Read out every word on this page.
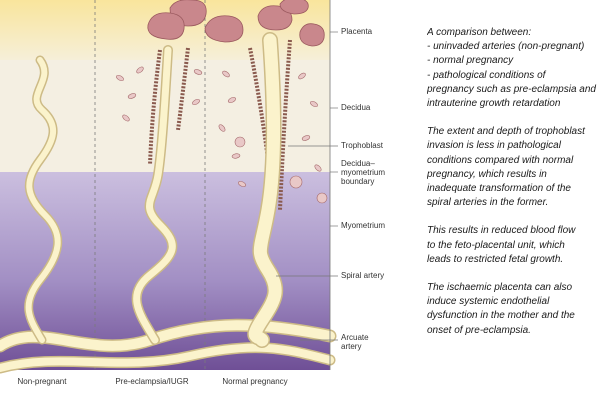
Placenta
Decidua
Trophoblast
Decidua– myometrium boundary
Myometrium
Spiral artery
Arcuate artery
Non-pregnant	Pre-eclampsia/IUGR	Normal pregnancy

A comparison between:
- uninvaded arteries (non-pregnant)
- normal pregnancy
- pathological conditions of
pregnancy such as pre-eclampsia and
intrauterine growth retardation

The extent and depth of trophoblast
invasion is less in pathological
conditions compared with normal
pregnancy, which results in
inadequate transformation of the
spiral arteries in the former.

This results in reduced blood flow
to the feto-placental unit, which
leads to restricted fetal growth.

The ischaemic placenta can also
induce systemic endothelial
dysfunction in the mother and the
onset of pre-eclampsia.
